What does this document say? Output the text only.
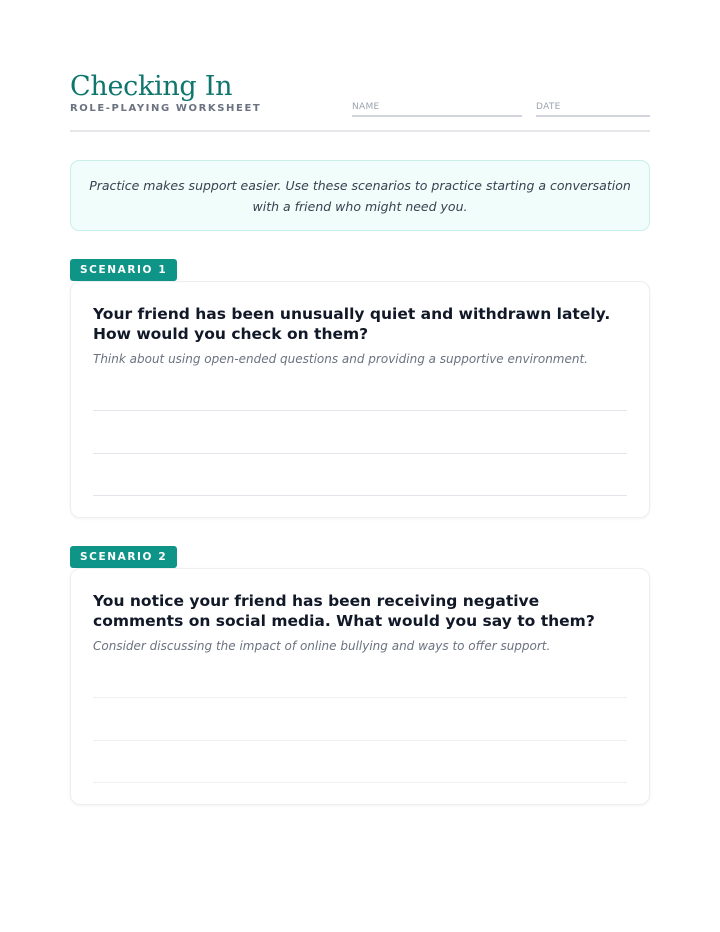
Checking In
ROLE-PLAYING WORKSHEET	NAME	DATE

Practice makes support easier. Use these scenarios to practice starting a conversation with a friend who might need you.

SCENARIO 1
Your friend has been unusually quiet and withdrawn lately. How would you check on them?
Think about using open-ended questions and providing a supportive environment.
SCENARIO 2
You notice your friend has been receiving negative comments on social media. What would you say to them?
Consider discussing the impact of online bullying and ways to offer support.
